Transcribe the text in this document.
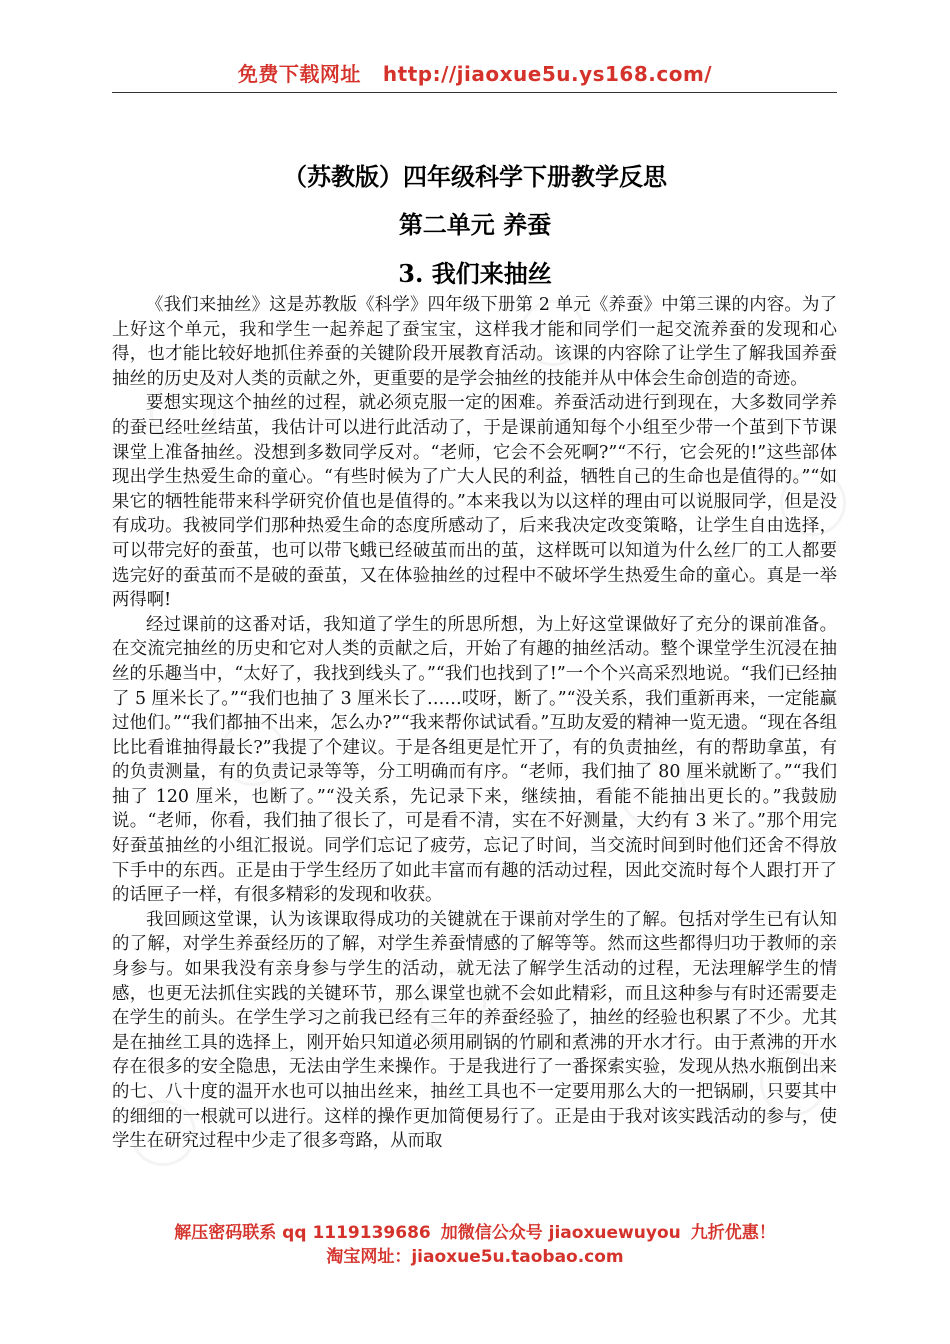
免费下载网址 http://jiaoxue5u.ys168.com/
（苏教版）四年级科学下册教学反思
第二单元 养蚕
3. 我们来抽丝

《我们来抽丝》这是苏教版《科学》四年级下册第 2 单元《养蚕》中第三课的内容。为了上好这个单元，我和学生一起养起了蚕宝宝，这样我才能和同学们一起交流养蚕的发现和心得，也才能比较好地抓住养蚕的关键阶段开展教育活动。该课的内容除了让学生了解我国养蚕抽丝的历史及对人类的贡献之外，更重要的是学会抽丝的技能并从中体会生命创造的奇迹。

要想实现这个抽丝的过程，就必须克服一定的困难。养蚕活动进行到现在，大多数同学养的蚕已经吐丝结茧，我估计可以进行此活动了，于是课前通知每个小组至少带一个茧到下节课课堂上准备抽丝。没想到多数同学反对。“老师，它会不会死啊?”“不行，它会死的!”这些部体现出学生热爱生命的童心。“有些时候为了广大人民的利益，牺牲自己的生命也是值得的。”“如果它的牺牲能带来科学研究价值也是值得的。”本来我以为以这样的理由可以说服同学，但是没有成功。我被同学们那种热爱生命的态度所感动了，后来我决定改变策略，让学生自由选择，可以带完好的蚕茧，也可以带飞蛾已经破茧而出的茧，这样既可以知道为什么丝厂的工人都要选完好的蚕茧而不是破的蚕茧，又在体验抽丝的过程中不破坏学生热爱生命的童心。真是一举两得啊!

经过课前的这番对话，我知道了学生的所思所想，为上好这堂课做好了充分的课前准备。在交流完抽丝的历史和它对人类的贡献之后，开始了有趣的抽丝活动。整个课堂学生沉浸在抽丝的乐趣当中，“太好了，我找到线头了。”“我们也找到了!”一个个兴高采烈地说。“我们已经抽了 5 厘米长了。”“我们也抽了 3 厘米长了……哎呀，断了。”“没关系，我们重新再来，一定能赢过他们。”“我们都抽不出来，怎么办?”“我来帮你试试看。”互助友爱的精神一览无遗。“现在各组比比看谁抽得最长?”我提了个建议。于是各组更是忙开了，有的负责抽丝，有的帮助拿茧，有的负责测量，有的负责记录等等，分工明确而有序。“老师，我们抽了 80 厘米就断了。”“我们抽了 120 厘米，也断了。”“没关系，先记录下来，继续抽，看能不能抽出更长的。”我鼓励说。“老师，你看，我们抽了很长了，可是看不清，实在不好测量，大约有 3 米了。”那个用完好蚕茧抽丝的小组汇报说。同学们忘记了疲劳，忘记了时间，当交流时间到时他们还舍不得放下手中的东西。正是由于学生经历了如此丰富而有趣的活动过程，因此交流时每个人跟打开了的话匣子一样，有很多精彩的发现和收获。

我回顾这堂课，认为该课取得成功的关键就在于课前对学生的了解。包括对学生已有认知的了解，对学生养蚕经历的了解，对学生养蚕情感的了解等等。然而这些都得归功于教师的亲身参与。如果我没有亲身参与学生的活动，就无法了解学生活动的过程，无法理解学生的情感，也更无法抓住实践的关键环节，那么课堂也就不会如此精彩，而且这种参与有时还需要走在学生的前头。在学生学习之前我已经有三年的养蚕经验了，抽丝的经验也积累了不少。尤其是在抽丝工具的选择上，刚开始只知道必须用刷锅的竹刷和煮沸的开水才行。由于煮沸的开水存在很多的安全隐患，无法由学生来操作。于是我进行了一番探索实验，发现从热水瓶倒出来的七、八十度的温开水也可以抽出丝来，抽丝工具也不一定要用那么大的一把锅刷，只要其中的细细的一根就可以进行。这样的操作更加简便易行了。正是由于我对该实践活动的参与，使学生在研究过程中少走了很多弯路，从而取

解压密码联系 qq 1119139686 加微信公众号 jiaoxuewuyou 九折优惠！
淘宝网址：jiaoxue5u.taobao.com
